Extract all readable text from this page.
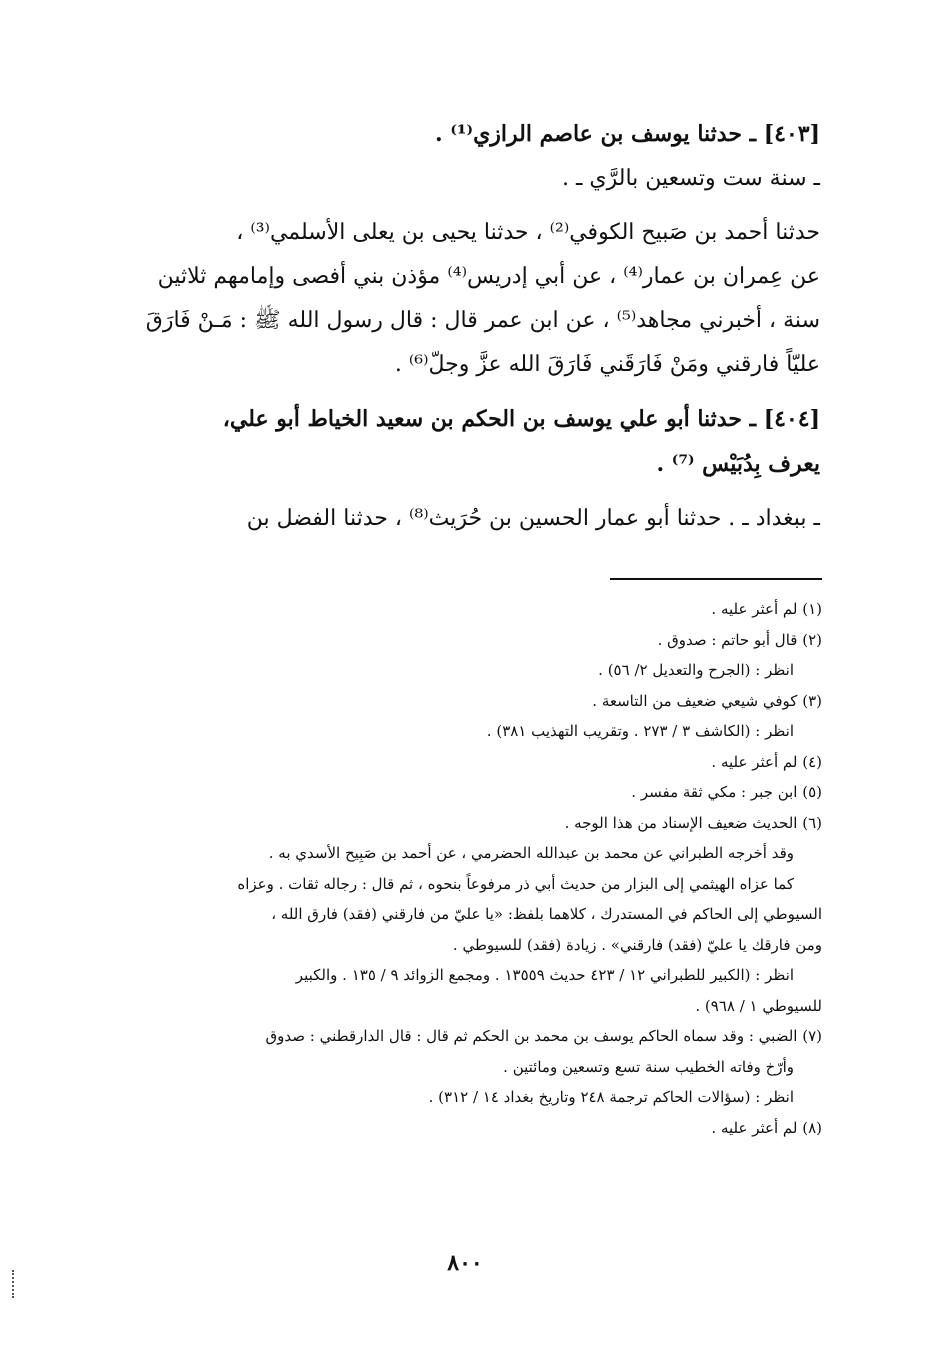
[٤٠٣] ـ حدثنا يوسف بن عاصم الرازي⁽¹⁾ .

ـ سنة ست وتسعين بالرَّي ـ .

حدثنا أحمد بن صَبيح الكوفي⁽²⁾ ، حدثنا يحيى بن يعلى الأسلمي⁽³⁾ ،

عن عِمران بن عمار⁽⁴⁾ ، عن أبي إدريس⁽⁴⁾ مؤذن بني أفصى وإمامهم ثلاثين

سنة ، أخبرني مجاهد⁽⁵⁾ ، عن ابن عمر قال : قال رسول الله ﷺ : مَـنْ فَارَقَ

عليّاً فارقني ومَنْ فَارَقَني فَارَقَ الله عزَّ وجلّ⁽⁶⁾ .

[٤٠٤] ـ حدثنا أبو علي يوسف بن الحكم بن سعيد الخياط أبو علي،

يعرف بِدُبَيْس ⁽⁷⁾ .

ـ ببغداد ـ . حدثنا أبو عمار الحسين بن حُرَيث⁽⁸⁾ ، حدثنا الفضل بن

(١) لم أعثر عليه .

(٢) قال أبو حاتم : صدوق .

انظر : (الجرح والتعديل ٢/ ٥٦) .

(٣) كوفي شيعي ضعيف من التاسعة .

انظر : (الكاشف ٣ / ٢٧٣ . وتقريب التهذيب ٣٨١) .

(٤) لم أعثر عليه .

(٥) ابن جبر : مكي ثقة مفسر .

(٦) الحديث ضعيف الإسناد من هذا الوجه .

وقد أخرجه الطبراني عن محمد بن عبدالله الحضرمي ، عن أحمد بن صَبِيح الأسدي به .

كما عزاه الهيثمي إلى البزار من حديث أبي ذر مرفوعاً بنحوه ، ثم قال : رجاله ثقات . وعزاه

السيوطي إلى الحاكم في المستدرك ، كلاهما بلفظ: «يا عليّ من فارقني (فقد) فارق الله ،

ومن فارقك يا عليّ (فقد) فارقني» . زيادة (فقد) للسيوطي .

انظر : (الكبير للطبراني ١٢ / ٤٢٣ حديث ١٣٥٥٩ . ومجمع الزوائد ٩ / ١٣٥ . والكبير

للسيوطي ١ / ٩٦٨) .

(٧) الضبي : وقد سماه الحاكم يوسف بن محمد بن الحكم ثم قال : قال الدارقطني : صدوق

وأرّخ وفاته الخطيب سنة تسع وتسعين ومائتين .

انظر : (سؤالات الحاكم ترجمة ٢٤٨ وتاريخ بغداد ١٤ / ٣١٢) .

(٨) لم أعثر عليه .

٨٠٠
